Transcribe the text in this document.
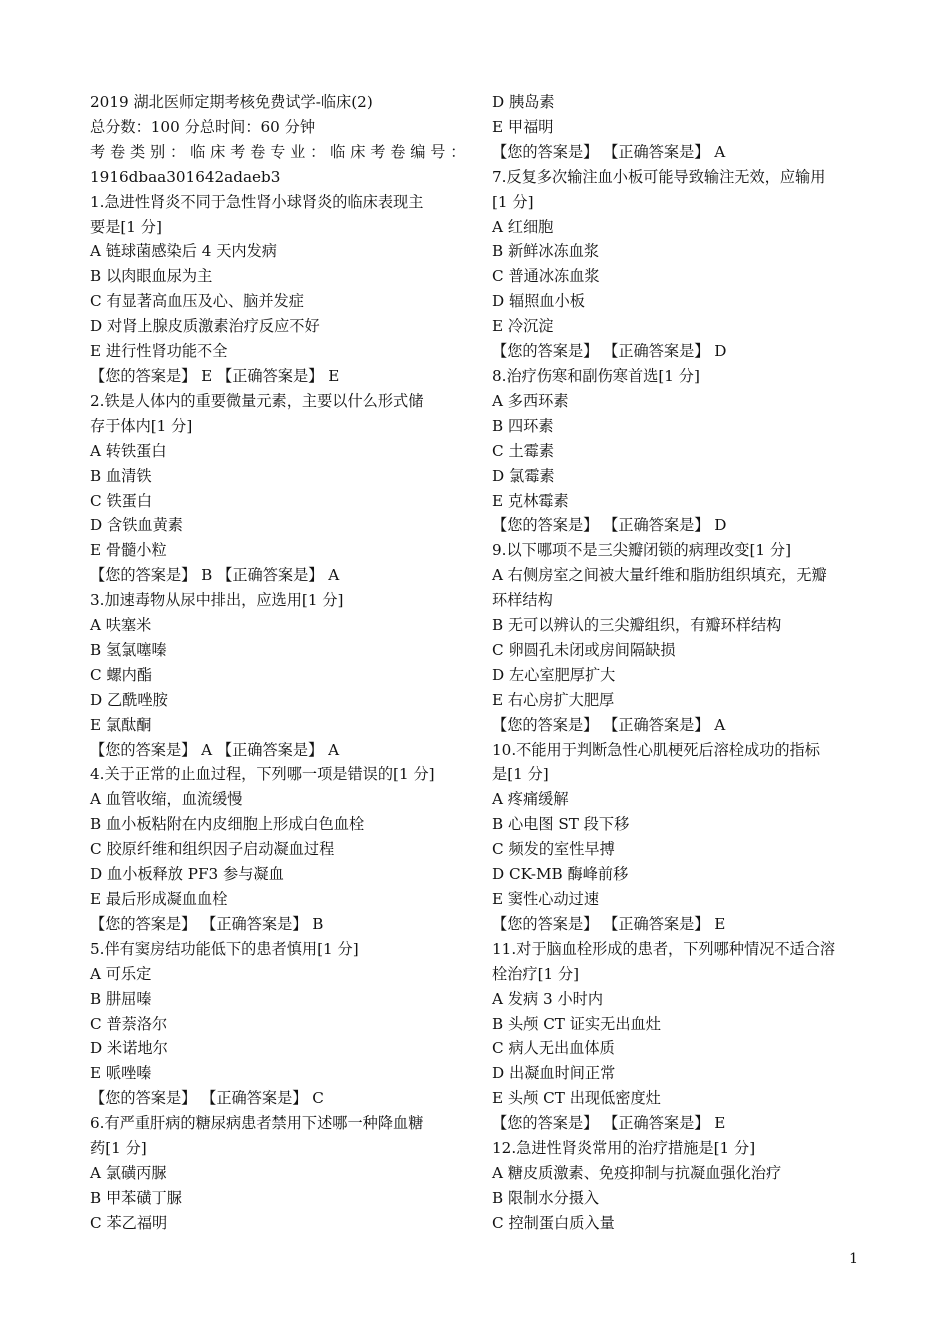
2019 湖北医师定期考核免费试学-临床(2)
总分数：100 分总时间：60 分钟
考 卷 类 别 ： 临 床 考 卷 专 业 ： 临 床 考 卷 编 号 ：
1916dbaa301642adaeb3
1.急进性肾炎不同于急性肾小球肾炎的临床表现主
要是[1 分]
A 链球菌感染后 4 天内发病
B 以肉眼血尿为主
C 有显著高血压及心、脑并发症
D 对肾上腺皮质激素治疗反应不好
E 进行性肾功能不全
【您的答案是】 E 【正确答案是】 E
2.铁是人体内的重要微量元素，主要以什么形式储
存于体内[1 分]
A 转铁蛋白
B 血清铁
C 铁蛋白
D 含铁血黄素
E 骨髓小粒
【您的答案是】 B 【正确答案是】 A
3.加速毒物从尿中排出，应选用[1 分]
A 呋塞米
B 氢氯噻嗪
C 螺内酯
D 乙酰唑胺
E 氯酞酮
【您的答案是】 A 【正确答案是】 A
4.关于正常的止血过程，下列哪一项是错误的[1 分]
A 血管收缩，血流缓慢
B 血小板粘附在内皮细胞上形成白色血栓
C 胶原纤维和组织因子启动凝血过程
D 血小板释放 PF3 参与凝血
E 最后形成凝血血栓
【您的答案是】 【正确答案是】 B
5.伴有窦房结功能低下的患者慎用[1 分]
A 可乐定
B 肼屈嗪
C 普萘洛尔
D 米诺地尔
E 哌唑嗪
【您的答案是】 【正确答案是】 C
6.有严重肝病的糖尿病患者禁用下述哪一种降血糖
药[1 分]
A 氯磺丙脲
B 甲苯磺丁脲
C 苯乙福明
D 胰岛素
E 甲福明
【您的答案是】 【正确答案是】 A
7.反复多次输注血小板可能导致输注无效，应输用
[1 分]
A 红细胞
B 新鲜冰冻血浆
C 普通冰冻血浆
D 辐照血小板
E 冷沉淀
【您的答案是】 【正确答案是】 D
8.治疗伤寒和副伤寒首选[1 分]
A 多西环素
B 四环素
C 土霉素
D 氯霉素
E 克林霉素
【您的答案是】 【正确答案是】 D
9.以下哪项不是三尖瓣闭锁的病理改变[1 分]
A 右侧房室之间被大量纤维和脂肪组织填充，无瓣
环样结构
B 无可以辨认的三尖瓣组织，有瓣环样结构
C 卵圆孔未闭或房间隔缺损
D 左心室肥厚扩大
E 右心房扩大肥厚
【您的答案是】 【正确答案是】 A
10.不能用于判断急性心肌梗死后溶栓成功的指标
是[1 分]
A 疼痛缓解
B 心电图 ST 段下移
C 频发的室性早搏
D CK-MB 酶峰前移
E 窦性心动过速
【您的答案是】 【正确答案是】 E
11.对于脑血栓形成的患者，下列哪种情况不适合溶
栓治疗[1 分]
A 发病 3 小时内
B 头颅 CT 证实无出血灶
C 病人无出血体质
D 出凝血时间正常
E 头颅 CT 出现低密度灶
【您的答案是】 【正确答案是】 E
12.急进性肾炎常用的治疗措施是[1 分]
A 糖皮质激素、免疫抑制与抗凝血强化治疗
B 限制水分摄入
C 控制蛋白质入量
1
